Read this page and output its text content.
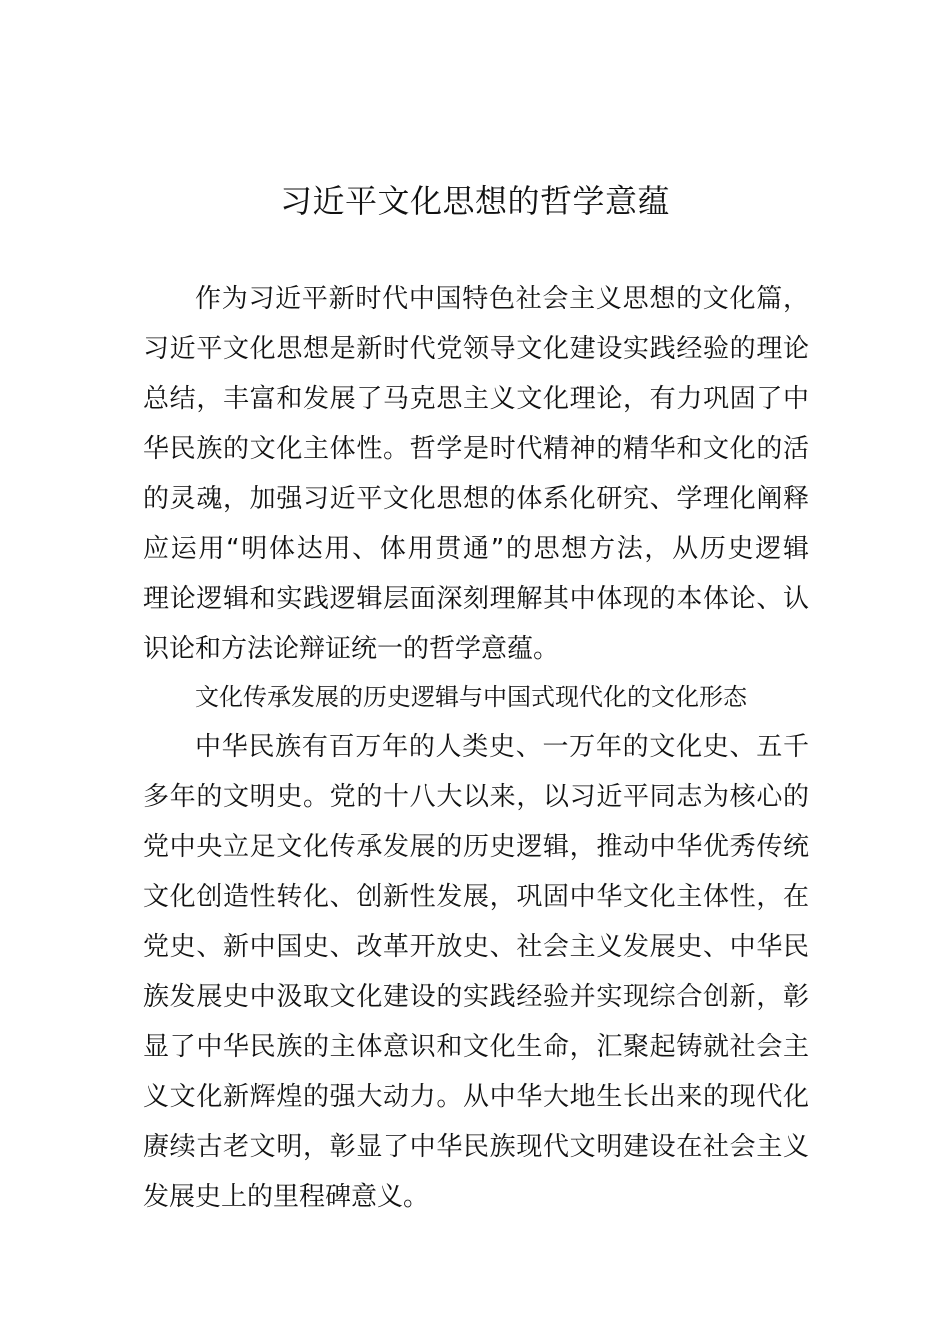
习近平文化思想的哲学意蕴
作为习近平新时代中国特色社会主义思想的文化篇，
习近平文化思想是新时代党领导文化建设实践经验的理论
总结，丰富和发展了马克思主义文化理论，有力巩固了中
华民族的文化主体性。哲学是时代精神的精华和文化的活
的灵魂，加强习近平文化思想的体系化研究、学理化阐释
应运用“明体达用、体用贯通”的思想方法，从历史逻辑
理论逻辑和实践逻辑层面深刻理解其中体现的本体论、认
识论和方法论辩证统一的哲学意蕴。
文化传承发展的历史逻辑与中国式现代化的文化形态
中华民族有百万年的人类史、一万年的文化史、五千
多年的文明史。党的十八大以来，以习近平同志为核心的
党中央立足文化传承发展的历史逻辑，推动中华优秀传统
文化创造性转化、创新性发展，巩固中华文化主体性，在
党史、新中国史、改革开放史、社会主义发展史、中华民
族发展史中汲取文化建设的实践经验并实现综合创新，彰
显了中华民族的主体意识和文化生命，汇聚起铸就社会主
义文化新辉煌的强大动力。从中华大地生长出来的现代化
赓续古老文明，彰显了中华民族现代文明建设在社会主义
发展史上的里程碑意义。
